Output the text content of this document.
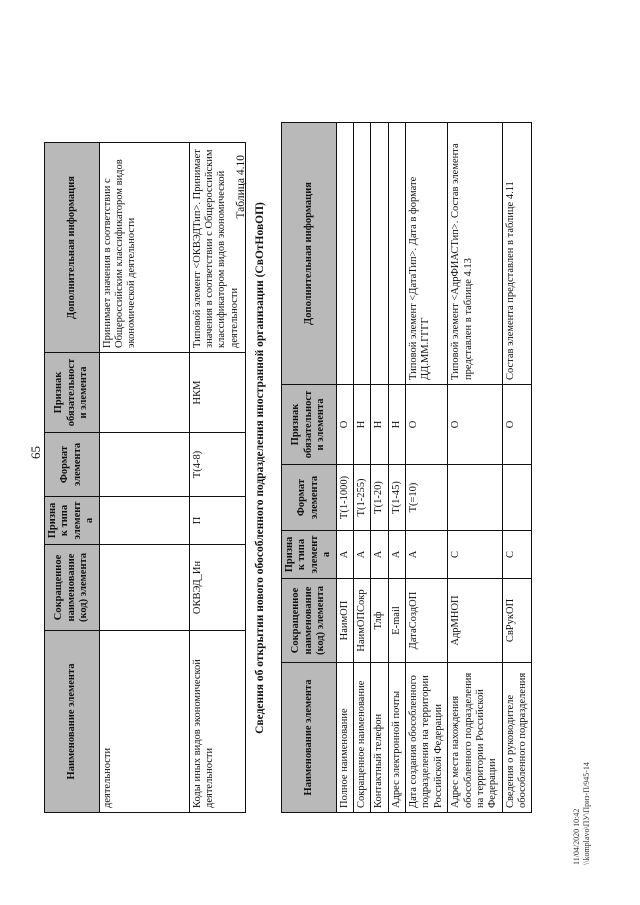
65
Наименование элемента	Сокращенное наименование (код) элемента	Признак типа элемента	Формат элемента	Признак обязательности элемента	Дополнительная информация
деятельности					Принимает значения в соответствии с Общероссийским классификатором видов экономической деятельности
Коды иных видов экономической деятельности	ОКВЭД_Ин	П	T(4-8)	НКМ	Типовой элемент <ОКВЭДТип>. Принимает значения в соответствии с Общероссийским классификатором видов экономической деятельности
Таблица 4.10
Сведения об открытии нового обособленного подразделения иностранной организации (СвОтНовОП)
Наименование элемента	Сокращенное наименование (код) элемента	Признак типа элемента	Формат элемента	Признак обязательности элемента	Дополнительная информация
Полное наименование	НаимОП	А	T(1-1000)	О	
Сокращенное наименование	НаимОПСокр	А	T(1-255)	Н	
Контактный телефон	Тлф	А	T(1-20)	Н	
Адрес электронной почты	E-mail	А	T(1-45)	Н	
Дата создания обособленного подразделения на территории Российской Федерации	ДатаСоздОП	А	T(=10)	О	Типовой элемент <ДатаТип>. Дата в формате ДД.ММ.ГГГГ
Адрес места нахождения обособленного подразделения на территории Российской Федерации	АдрМНОП	С		О	Типовой элемент <АдрФИАСТип>. Состав элемента представлен в таблице 4.13
Сведения о руководителе обособленного подразделения	СвРукОП	С		О	Состав элемента представлен в таблице 4.11
11/04/2020 10:42 \\komplavo\ПУ\Приз-П/945-14
